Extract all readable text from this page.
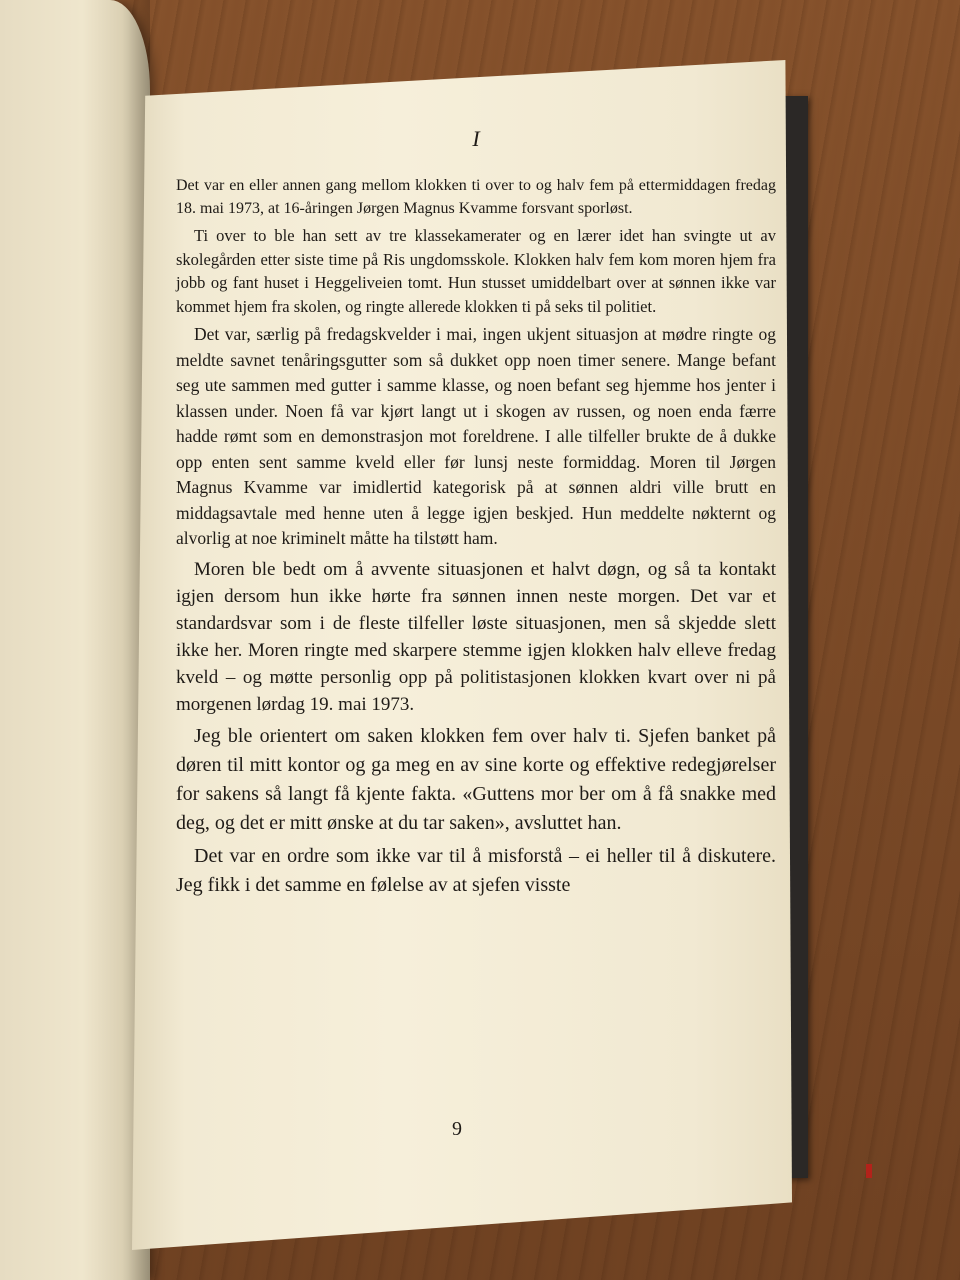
I

Det var en eller annen gang mellom klokken ti over to og halv fem på ettermiddagen fredag 18. mai 1973, at 16-åringen Jørgen Magnus Kvamme forsvant sporløst.

Ti over to ble han sett av tre klassekamerater og en lærer idet han svingte ut av skolegården etter siste time på Ris ungdomsskole. Klokken halv fem kom moren hjem fra jobb og fant huset i Heggeliveien tomt. Hun stusset umiddelbart over at sønnen ikke var kommet hjem fra skolen, og ringte allerede klokken ti på seks til politiet.

Det var, særlig på fredagskvelder i mai, ingen ukjent situasjon at mødre ringte og meldte savnet tenåringsgutter som så dukket opp noen timer senere. Mange befant seg ute sammen med gutter i samme klasse, og noen befant seg hjemme hos jenter i klassen under. Noen få var kjørt langt ut i skogen av russen, og noen enda færre hadde rømt som en demonstrasjon mot foreldrene. I alle tilfeller brukte de å dukke opp enten sent samme kveld eller før lunsj neste formiddag. Moren til Jørgen Magnus Kvamme var imidlertid kategorisk på at sønnen aldri ville brutt en middagsavtale med henne uten å legge igjen beskjed. Hun meddelte nøkternt og alvorlig at noe kriminelt måtte ha tilstøtt ham.

Moren ble bedt om å avvente situasjonen et halvt døgn, og så ta kontakt igjen dersom hun ikke hørte fra sønnen innen neste morgen. Det var et standardsvar som i de fleste tilfeller løste situasjonen, men så skjedde slett ikke her. Moren ringte med skarpere stemme igjen klokken halv elleve fredag kveld – og møtte personlig opp på politistasjonen klokken kvart over ni på morgenen lørdag 19. mai 1973.

Jeg ble orientert om saken klokken fem over halv ti. Sjefen banket på døren til mitt kontor og ga meg en av sine korte og effektive redegjørelser for sakens så langt få kjente fakta. «Guttens mor ber om å få snakke med deg, og det er mitt ønske at du tar saken», avsluttet han.

Det var en ordre som ikke var til å misforstå – ei heller til å diskutere. Jeg fikk i det samme en følelse av at sjefen visste

9
